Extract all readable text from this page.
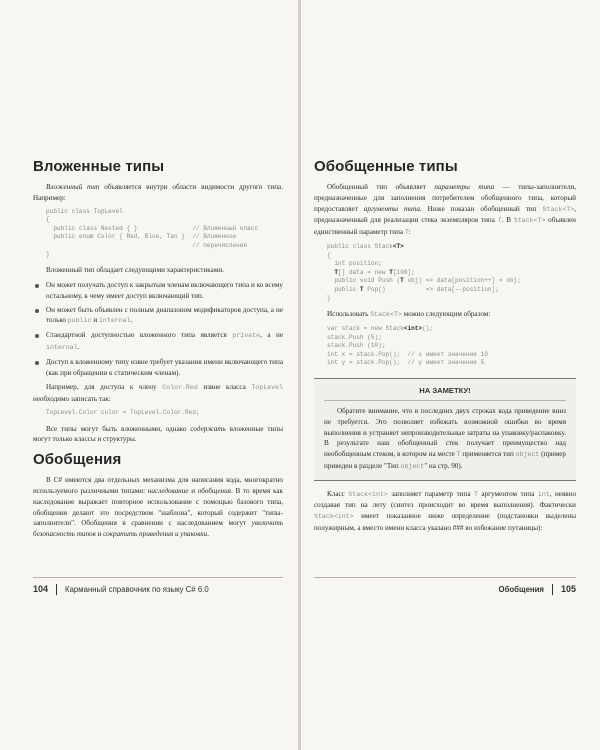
Вложенные типы

Вложенный тип объявляется внутри области видимости другого типа. Например:

public class TopLevel
{
public class Nested { }               // Вложенный класс
public enum Color { Red, Blue, Tan }  // Вложенное
// перечисление
}

Вложенный тип обладает следующими характеристиками.

Он может получать доступ к закрытым членам включающего типа и ко всему остальному, к чему имеет доступ включающий тип.
Он может быть объявлен с полным диапазоном модификаторов доступа, а не только public и internal.
Стандартной доступностью вложенного типа является private, а не internal.
Доступ к вложенному типу извне требует указания имени включающего типа (как при обращении к статическим членам).

Например, для доступа к члену Color.Red извне класса TopLevel необходимо записать так:

TopLevel.Color color = TopLevel.Color.Red;

Все типы могут быть вложенными, однако содержать вложенные типы могут только классы и структуры.

Обобщения

В C# имеются два отдельных механизма для написания кода, многократно используемого различными типами: наследование и обобщения. В то время как наследование выражает повторное использование с помощью базового типа, обобщения делают это посредством "шаблона", который содержит "типы-заполнители". Обобщения в сравнении с наследованием могут увеличить безопасность типов и сократить приведения и упаковки.

104 Карманный справочник по языку C# 6.0
Обобщенные типы

Обобщенный тип объявляет параметры типа — типы-заполнители, предназначенные для заполнения потребителем обобщенного типа, который предоставляет аргументы типа. Ниже показан обобщенный тип Stack<T>, предназначенный для реализации стека экземпляров типа T. В Stack<T> объявлен единственный параметр типа T:

public class Stack<T>
{
int position;
T[] data = new T[100];
public void Push (T obj) => data[position++] = obj;
public T Pop()           => data[--position];
}

Использовать Stack<T> можно следующим образом:

var stack = new Stack<int>();
stack.Push (5);
stack.Push (10);
int x = stack.Pop();  // x имеет значение 10
int y = stack.Pop();  // y имеет значение 5
НА ЗАМЕТКУ!

Обратите внимание, что в последних двух строках кода приведение вниз не требуется. Это позволяет избежать возможной ошибки во время выполнения и устраняет непроизводительные затраты на упаковку/распаковку. В результате наш обобщенный стек получает преимущество над необобщенным стеком, в котором на месте T применяется тип object (пример приведен в разделе "Тип object" на стр. 90).

Класс Stack<int> заполняет параметр типа T аргументом типа int, неявно создавая тип на лету (синтез происходит во время выполнения). Фактически Stack<int> имеет показанное ниже определение (подстановки выделены полужирным, а вместо имени класса указано ### во избежание путаницы):

Обобщения 105
